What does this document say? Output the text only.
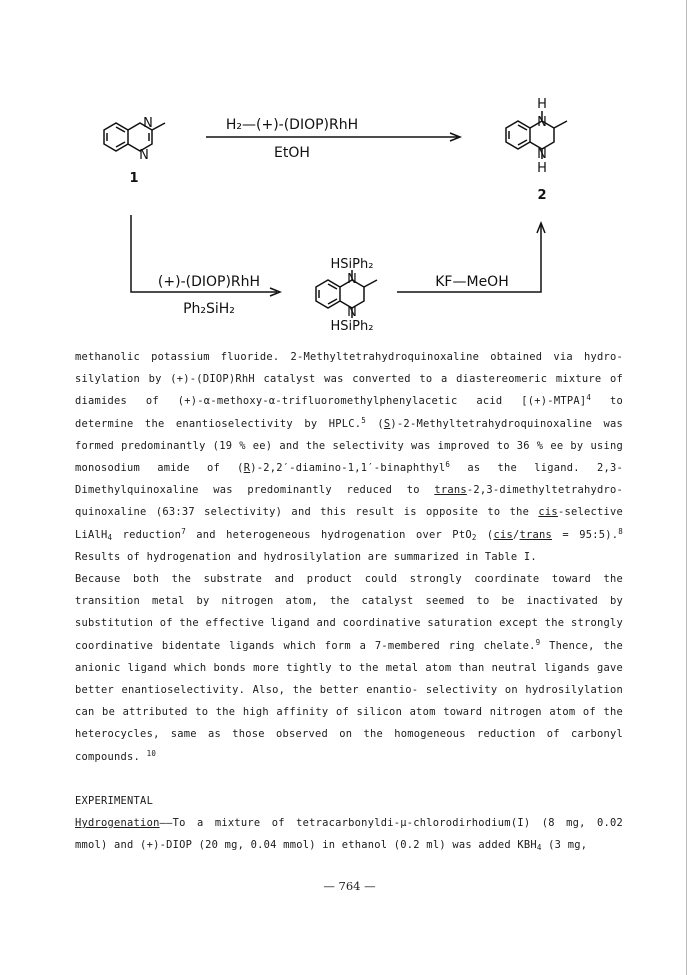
N
N
H
N
N
H
HSiPh₂
N
N
HSiPh₂
1
2
H₂—(+)-(DIOP)RhH
EtOH
(+)-(DIOP)RhH
Ph₂SiH₂
KF—MeOH

methanolic potassium fluoride. 2-Methyltetrahydroquinoxaline obtained via hydro- silylation by (+)-(DIOP)RhH catalyst was converted to a diastereomeric mixture of diamides of (+)-α-methoxy-α-trifluoromethylphenylacetic acid [(+)-MTPA]$^4$ to determine the enantioselectivity by HPLC.$^5$ (S)-2-Methyltetrahydroquinoxaline was formed predominantly (19 % ee) and the selectivity was improved to 36 % ee by using monosodium amide of (R)-2,2′-diamino-1,1′-binaphthyl$^6$ as the ligand. 2,3- Dimethylquinoxaline was predominantly reduced to trans-2,3-dimethyltetrahydro- quinoxaline (63:37 selectivity) and this result is opposite to the cis-selective LiAlH$_4$ reduction$^7$ and heterogeneous hydrogenation over PtO$_2$ (cis/trans = 95:5).$^8$ Results of hydrogenation and hydrosilylation are summarized in Table I.

Because both the substrate and product could strongly coordinate toward the transition metal by nitrogen atom, the catalyst seemed to be inactivated by substitution of the effective ligand and coordinative saturation except the strongly coordinative bidentate ligands which form a 7-membered ring chelate.$^9$ Thence, the anionic ligand which bonds more tightly to the metal atom than neutral ligands gave better enantioselectivity. Also, the better enantio- selectivity on hydrosilylation can be attributed to the high affinity of silicon atom toward nitrogen atom of the heterocycles, same as those observed on the homogeneous reduction of carbonyl compounds. $^{10}$

EXPERIMENTAL

Hydrogenation——To a mixture of tetracarbonyldi-μ-chlorodirhodium(I) (8 mg, 0.02 mmol) and (+)-DIOP (20 mg, 0.04 mmol) in ethanol (0.2 ml) was added $KBH_4$ (3 mg,

— 764 —
